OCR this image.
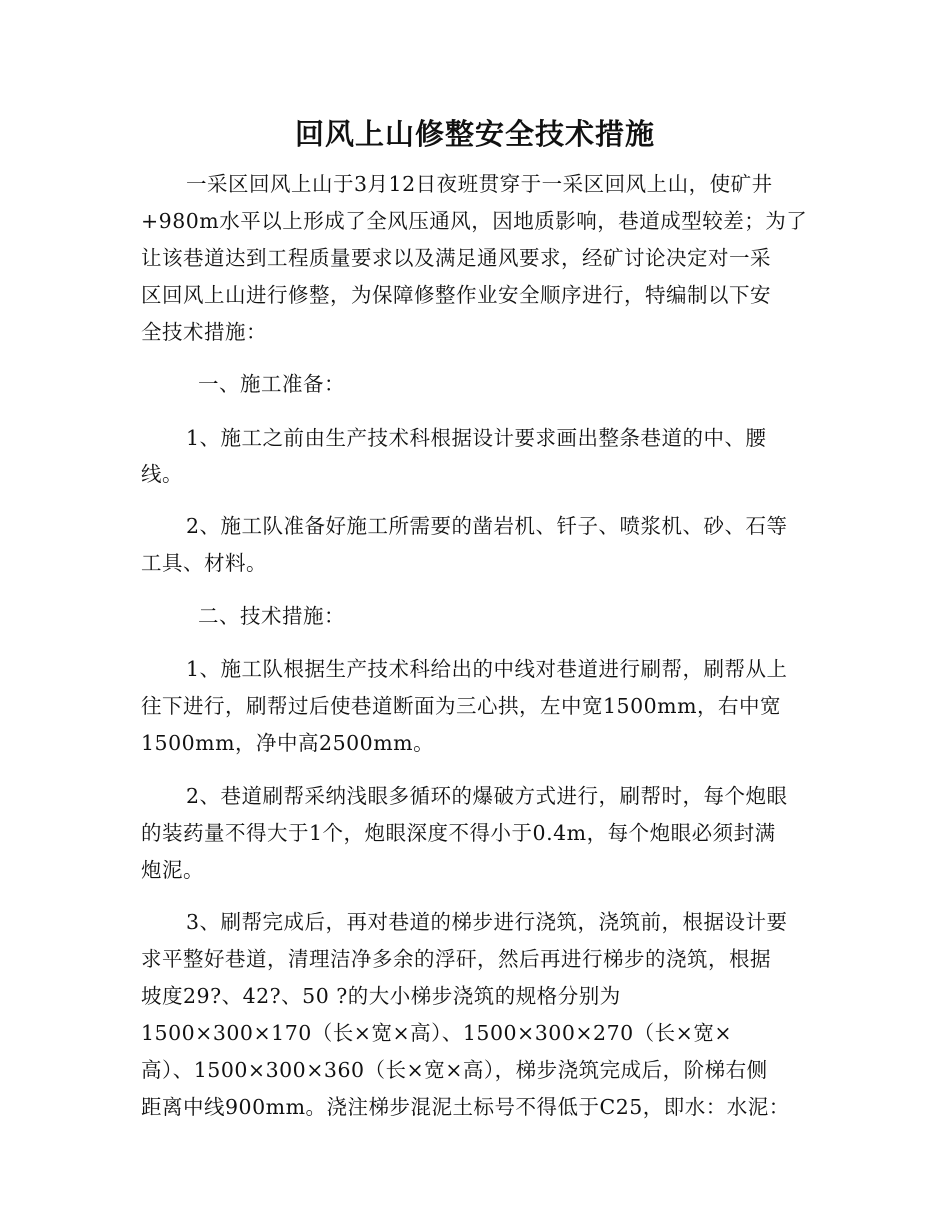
回风上山修整安全技术措施
一采区回风上山于3月12日夜班贯穿于一采区回风上山，使矿井
+980m水平以上形成了全风压通风，因地质影响，巷道成型较差；为了
让该巷道达到工程质量要求以及满足通风要求，经矿讨论决定对一采
区回风上山进行修整，为保障修整作业安全顺序进行，特编制以下安
全技术措施：
一、施工准备：
1、施工之前由生产技术科根据设计要求画出整条巷道的中、腰
线。
2、施工队准备好施工所需要的凿岩机、钎子、喷浆机、砂、石等
工具、材料。
二、技术措施：
1、施工队根据生产技术科给出的中线对巷道进行刷帮，刷帮从上
往下进行，刷帮过后使巷道断面为三心拱，左中宽1500mm，右中宽
1500mm，净中高2500mm。
2、巷道刷帮采纳浅眼多循环的爆破方式进行，刷帮时，每个炮眼
的装药量不得大于1个，炮眼深度不得小于0.4m，每个炮眼必须封满
炮泥。
3、刷帮完成后，再对巷道的梯步进行浇筑，浇筑前，根据设计要
求平整好巷道，清理洁净多余的浮矸，然后再进行梯步的浇筑，根据
坡度29?、42?、50 ?的大小梯步浇筑的规格分别为
1500×300×170（长×宽×高）、1500×300×270（长×宽×
高）、1500×300×360（长×宽×高），梯步浇筑完成后，阶梯右侧
距离中线900mm。浇注梯步混泥土标号不得低于C25，即水：水泥：
